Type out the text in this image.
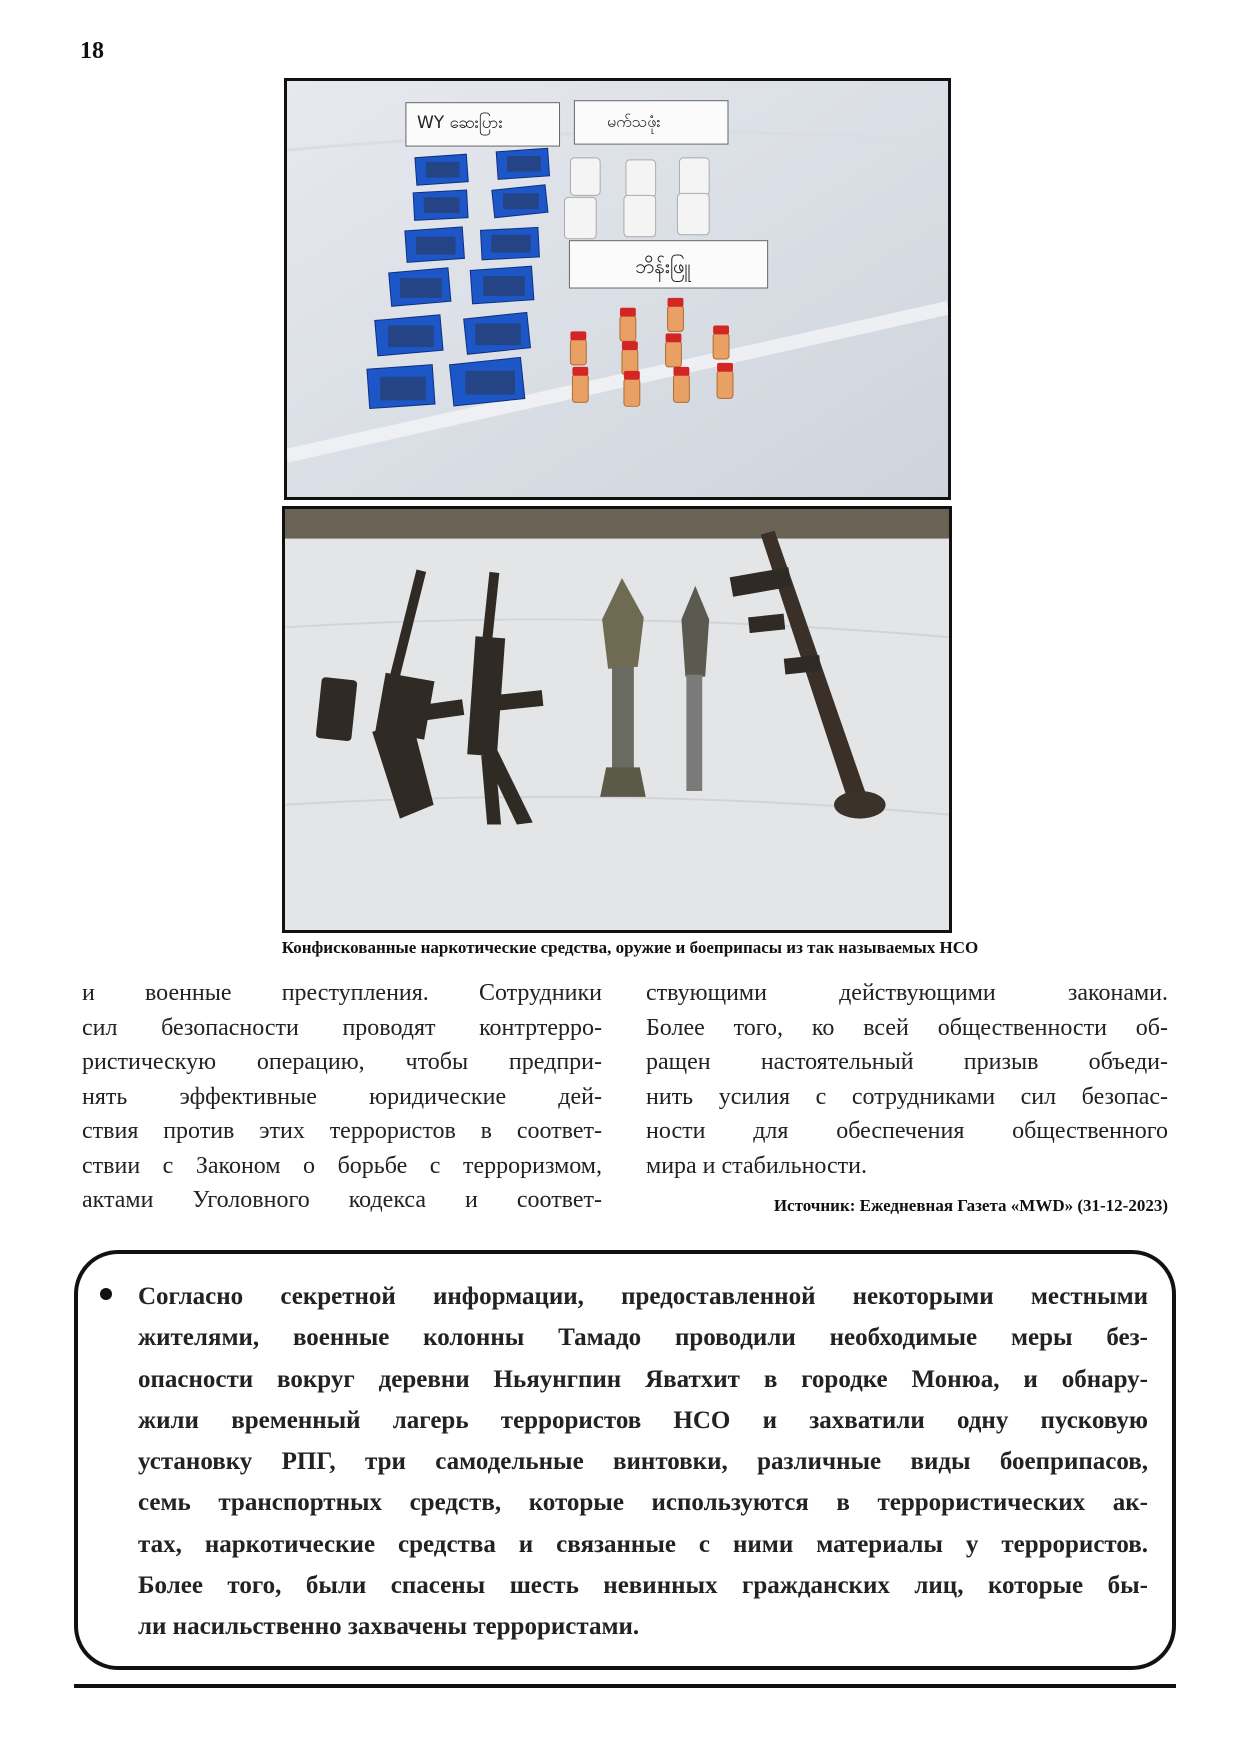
18
WY ဆေးပြား	မက်သဖုံး
ဘိန်းဖြူ
Конфискованные наркотические средства, оружие и боеприпасы из так называемых НСО
и военные преступления. Сотрудники
сил безопасности проводят контртерро-
ристическую операцию, чтобы предпри-
нять эффективные юридические дей-
ствия против этих террористов в соответ-
ствии с Законом о борьбе с терроризмом,
актами Уголовного кодекса и соответ-
ствующими действующими законами.
Более того, ко всей общественности об-
ращен настоятельный призыв объеди-
нить усилия с сотрудниками сил безопас-
ности для обеспечения общественного
мира и стабильности.
Источник: Ежедневная Газета «MWD» (31-12-2023)
Согласно секретной информации, предоставленной некоторыми местными
жителями, военные колонны Тамадо проводили необходимые меры без-
опасности вокруг деревни Ньяунгпин Яватхит в городке Монюа, и обнару-
жили временный лагерь террористов НСО и захватили одну пусковую
установку РПГ, три самодельные винтовки, различные виды боеприпасов,
семь транспортных средств, которые используются в террористических ак-
тах, наркотические средства и связанные с ними материалы у террористов.
Более того, были спасены шесть невинных гражданских лиц, которые бы-
ли насильственно захвачены террористами.
